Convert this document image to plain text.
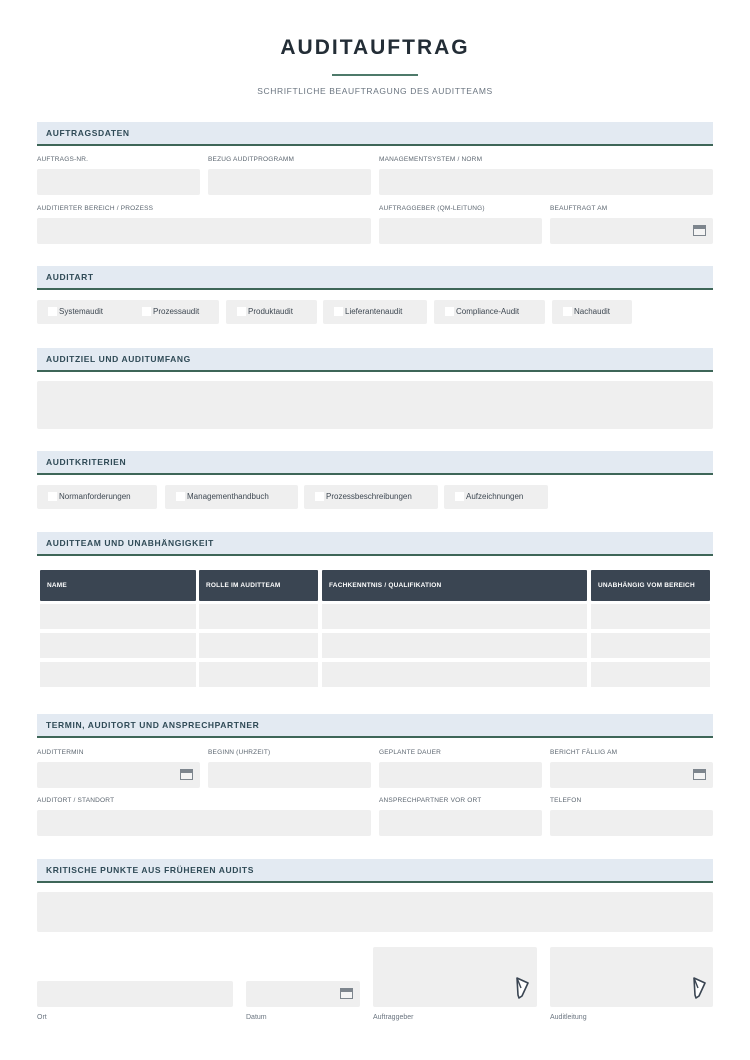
AUDITAUFTRAG
SCHRIFTLICHE BEAUFTRAGUNG DES AUDITTEAMS
AUFTRAGSDATEN
AUFTRAGS-NR.	BEZUG AUDITPROGRAMM	MANAGEMENTSYSTEM / NORM
AUDITIERTER BEREICH / PROZESS	AUFTRAGGEBER (QM-LEITUNG)	BEAUFTRAGT AM
AUDITART
Systemaudit	Prozessaudit	Produktaudit	Lieferantenaudit	Compliance-Audit	Nachaudit
AUDITZIEL UND AUDITUMFANG
AUDITKRITERIEN
Normanforderungen	Managementhandbuch	Prozessbeschreibungen	Aufzeichnungen
AUDITTEAM UND UNABHÄNGIGKEIT
NAME	ROLLE IM AUDITTEAM	FACHKENNTNIS / QUALIFIKATION	UNABHÄNGIG VOM BEREICH
TERMIN, AUDITORT UND ANSPRECHPARTNER
AUDITTERMIN	BEGINN (UHRZEIT)	GEPLANTE DAUER	BERICHT FÄLLIG AM
AUDITORT / STANDORT	ANSPRECHPARTNER VOR ORT	TELEFON
KRITISCHE PUNKTE AUS FRÜHEREN AUDITS
Ort	Datum	Auftraggeber	Auditleitung
